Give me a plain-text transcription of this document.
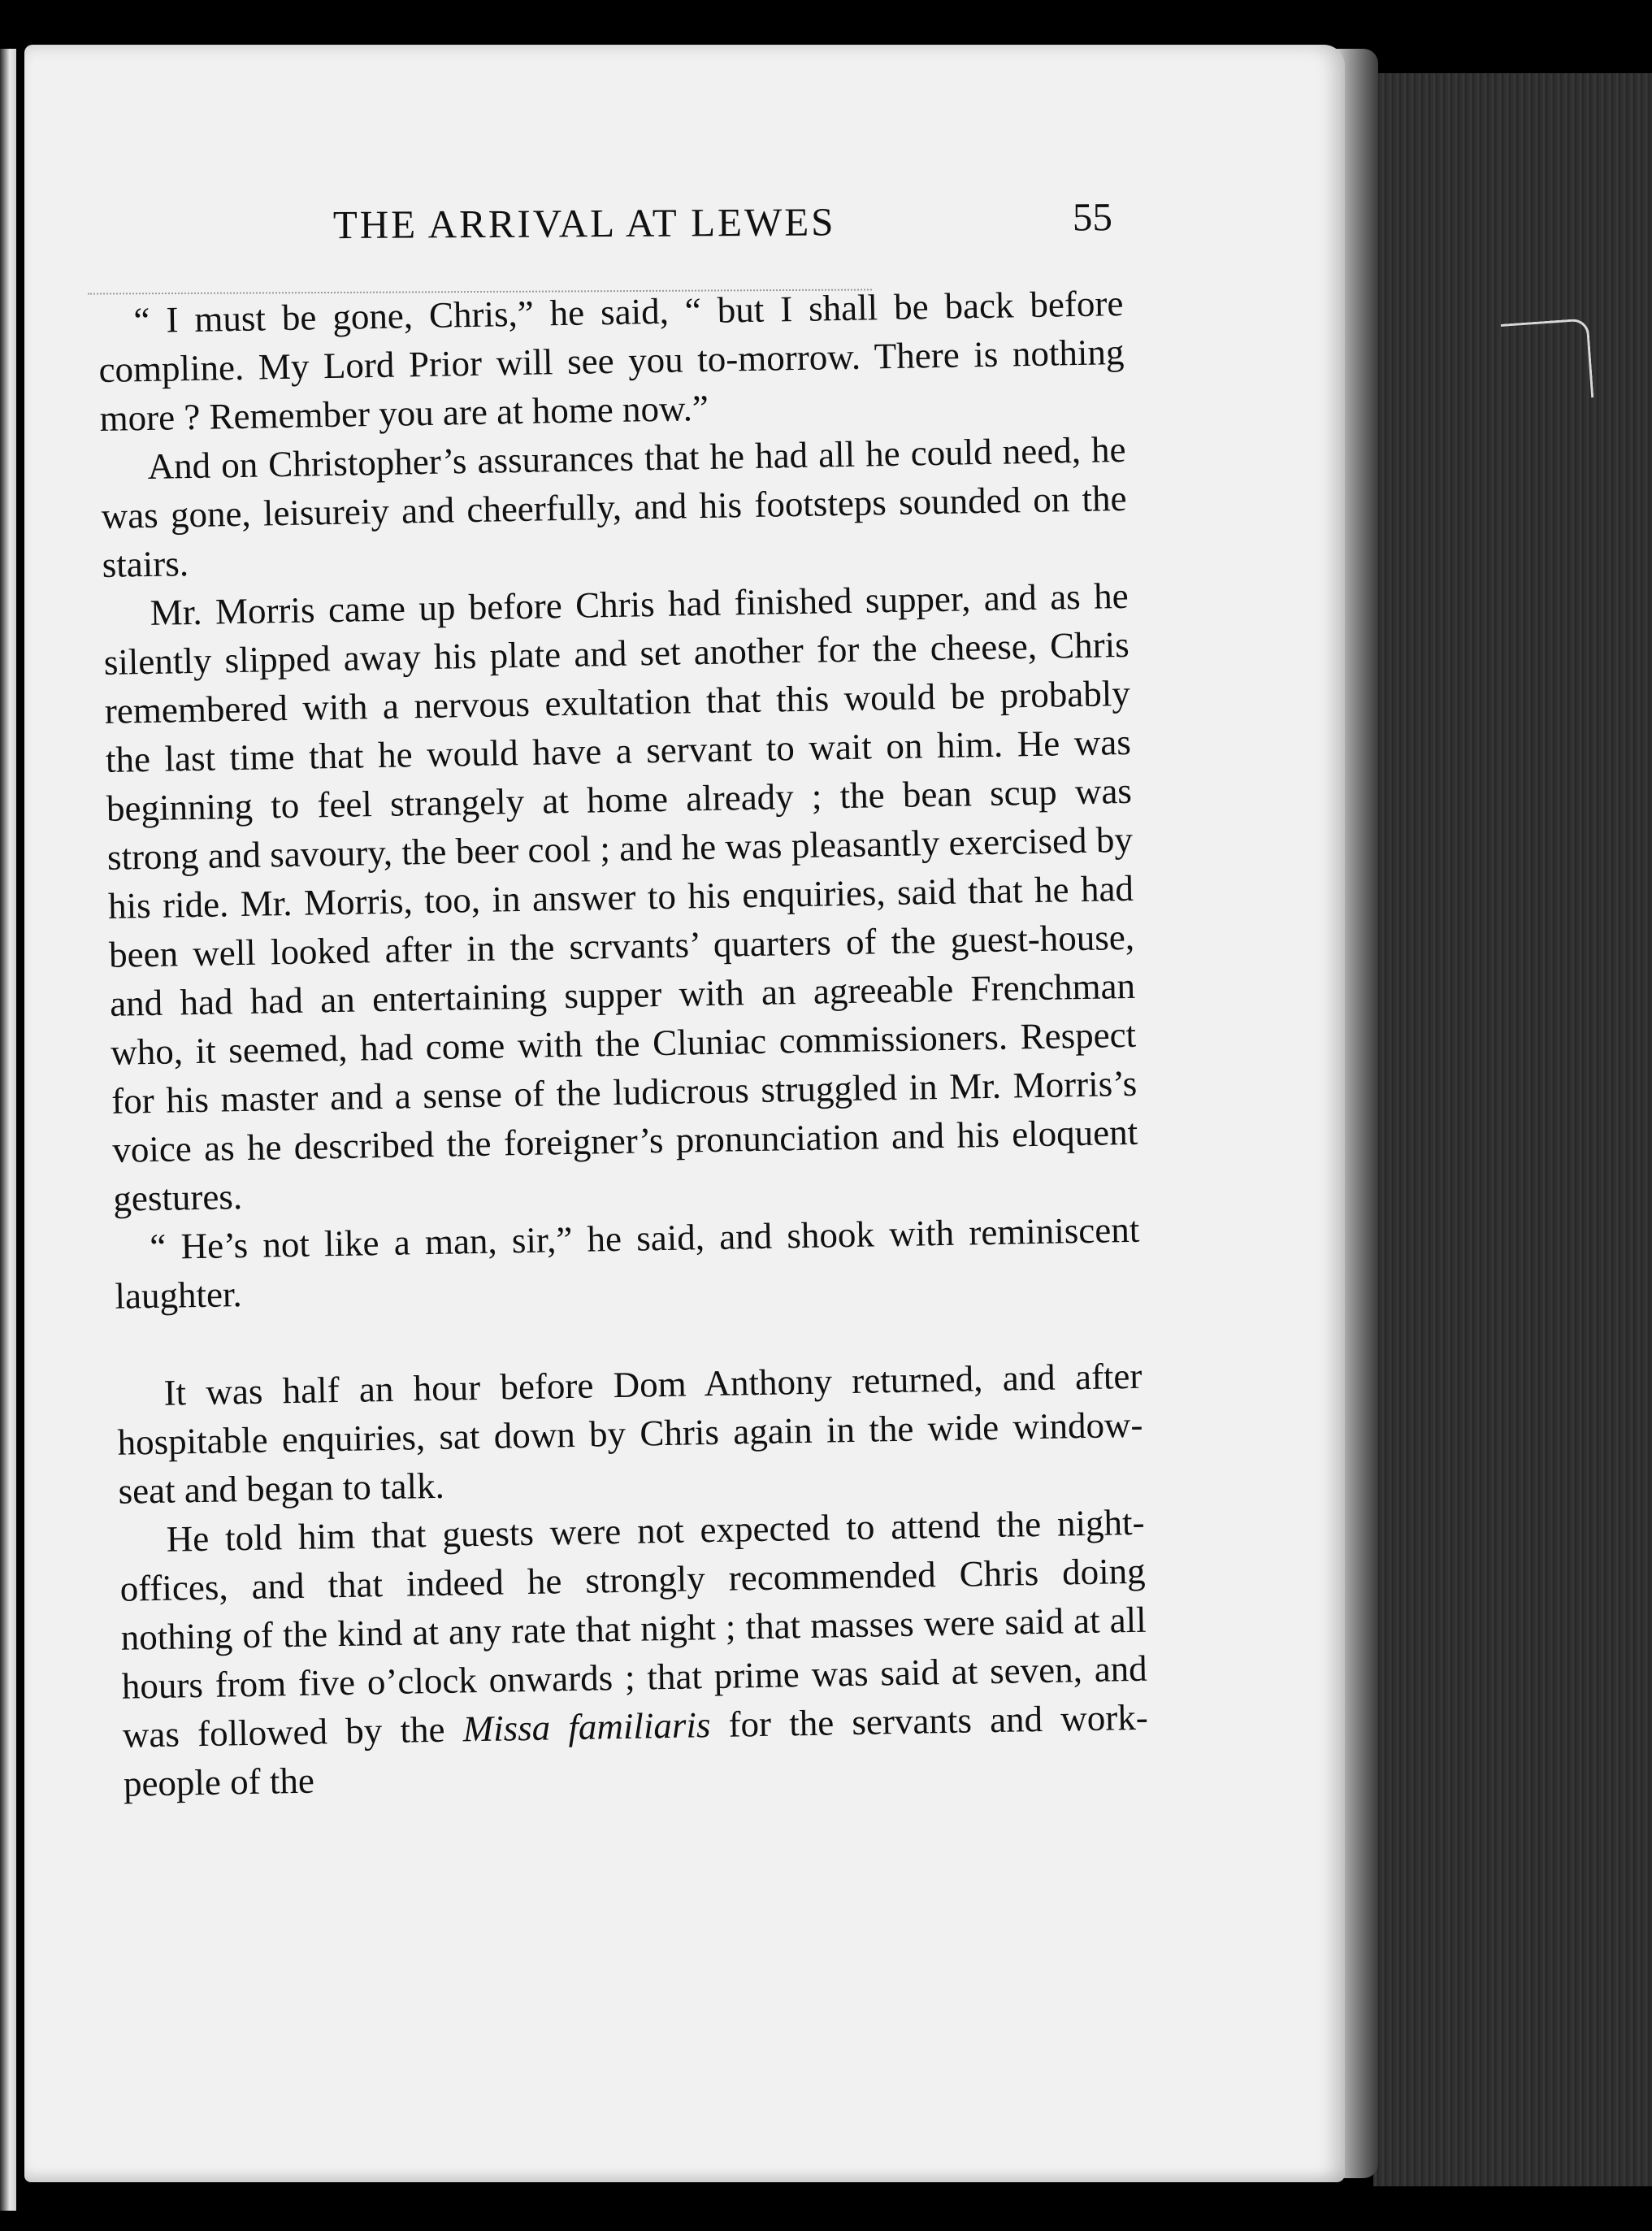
THE ARRIVAL AT LEWES	55

“ I must be gone, Chris,” he said, “ but I shall be back before compline. My Lord Prior will see you to-morrow. There is nothing more ? Remember you are at home now.”

And on Christopher’s assurances that he had all he could need, he was gone, leisureiy and cheerfully, and his footsteps sounded on the stairs.

Mr. Morris came up before Chris had finished supper, and as he silently slipped away his plate and set another for the cheese, Chris remembered with a nervous exultation that this would be probably the last time that he would have a servant to wait on him. He was beginning to feel strangely at home already ; the bean scup was strong and savoury, the beer cool ; and he was pleasantly exercised by his ride. Mr. Morris, too, in answer to his enquiries, said that he had been well looked after in the scrvants’ quarters of the guest-house, and had had an entertaining supper with an agreeable Frenchman who, it seemed, had come with the Cluniac commissioners. Respect for his master and a sense of the ludicrous struggled in Mr. Morris’s voice as he described the foreigner’s pronunciation and his eloquent gestures.

“ He’s not like a man, sir,” he said, and shook with reminiscent laughter.

It was half an hour before Dom Anthony returned, and after hospitable enquiries, sat down by Chris again in the wide window-seat and began to talk.

He told him that guests were not expected to attend the night-offices, and that indeed he strongly recommended Chris doing nothing of the kind at any rate that night ; that masses were said at all hours from five o’clock onwards ; that prime was said at seven, and was followed by the Missa familiaris for the servants and work-people of the
